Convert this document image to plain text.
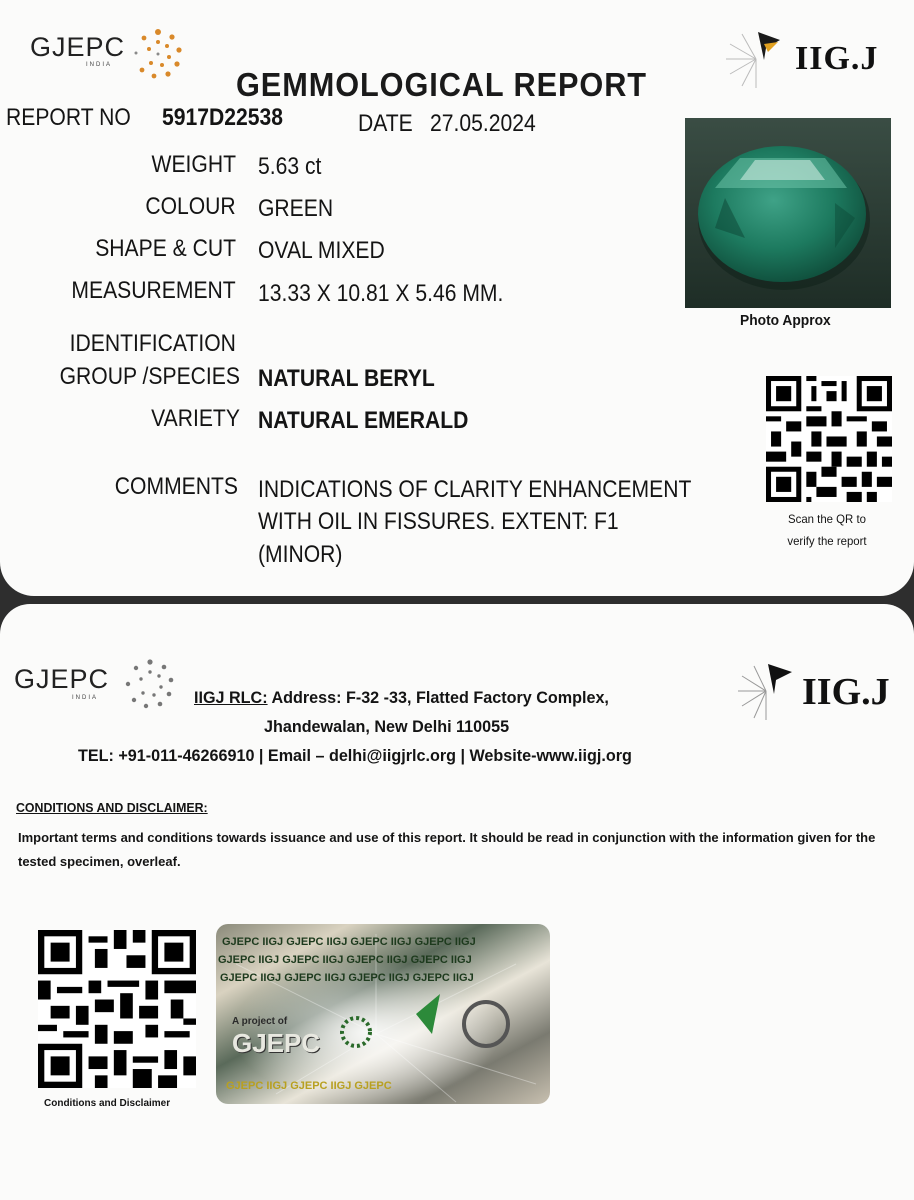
GJEPC
INDIA	IIG.J
GEMMOLOGICAL REPORT
REPORT NO 5917D22538	DATE 27.05.2024
WEIGHT 5.63 ct
COLOUR GREEN
SHAPE & CUT OVAL MIXED
MEASUREMENT 13.33 X 10.81 X 5.46 MM.
IDENTIFICATION
GROUP /SPECIES NATURAL BERYL
VARIETY NATURAL EMERALD
COMMENTS INDICATIONS OF CLARITY ENHANCEMENT
WITH OIL IN FISSURES. EXTENT: F1
(MINOR)
Photo Approx
Scan the QR to
verify the report
GJEPC
INDIA	IIG.J
IIGJ RLC: Address: F-32 -33, Flatted Factory Complex,
Jhandewalan, New Delhi 110055
TEL: +91-011-46266910 | Email – delhi@iigjrlc.org | Website-www.iigj.org
CONDITIONS AND DISCLAIMER:
Important terms and conditions towards issuance and use of this report. It should be read in conjunction with the information given for the tested specimen, overleaf.
Conditions and Disclaimer
GJEPC IIGJ GJEPC IIGJ GJEPC IIGJ GJEPC IIGJ
GJEPC IIGJ GJEPC IIGJ GJEPC IIGJ GJEPC IIGJ
GJEPC IIGJ GJEPC IIGJ GJEPC IIGJ GJEPC IIGJ
A project of
GJEPC
GJEPC IIGJ GJEPC IIGJ GJEPC
